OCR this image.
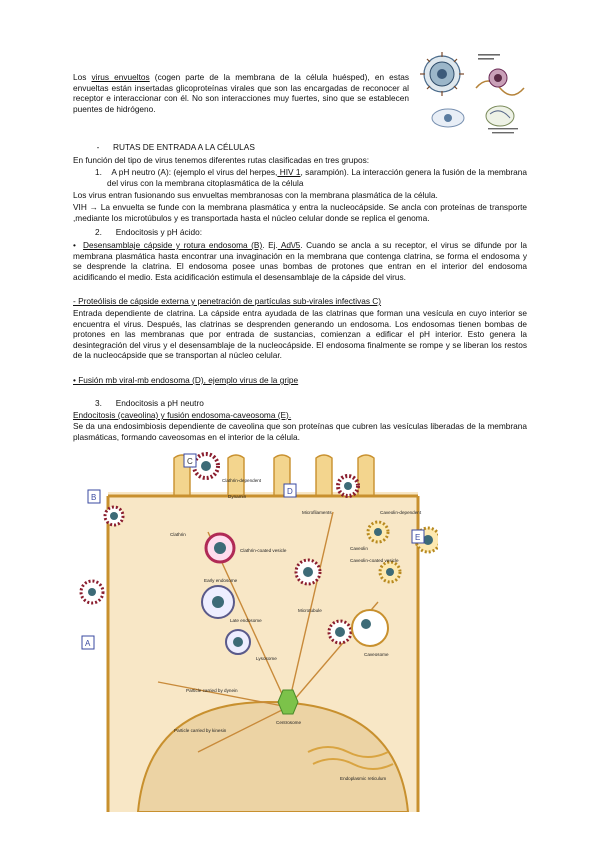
Los virus envueltos (cogen parte de la membrana de la célula huésped), en estas envueltas están insertadas glicoproteínas virales que son las encargadas de reconocer al receptor e interaccionar con él. No son interacciones muy fuertes, sino que se establecen puentes de hidrógeno.
- RUTAS DE ENTRADA A LA CÉLULAS
En función del tipo de virus tenemos diferentes rutas clasificadas en tres grupos:
1. A pH neutro (A): (ejemplo el virus del herpes, HIV 1, sarampión). La interacción genera la fusión de la membrana del virus con la membrana citoplasmática de la célula
Los virus entran fusionando sus envueltas membranosas con la membrana plasmática de la célula.
VIH → La envuelta se funde con la membrana plasmática y entra la nucleocápside. Se ancla con proteínas de transporte ,mediante los microtúbulos y es transportada hasta el núcleo celular donde se replica el genoma.
2. Endocitosis y pH ácido:
• Desensamblaje cápside y rotura endosoma (B). Ej. Ad\/5. Cuando se ancla a su receptor, el virus se difunde por la membrana plasmática hasta encontrar una invaginación en la membrana que contenga clatrina, se forma el endosoma y se desprende la clatrina. El endosoma posee unas bombas de protones que entran en el interior del endosoma acidificando el medio. Esta acidificación estimula el desensamblaje de la cápside del virus.
- Proteólisis de cápside externa y penetración de partículas sub-virales infectivas C)
Entrada dependiente de clatrina. La cápside entra ayudada de las clatrinas que forman una vesícula en cuyo interior se encuentra el virus. Después, las clatrinas se desprenden generando un endosoma. Los endosomas tienen bombas de protones en las membranas que por entrada de sustancias, comienzan a edificar el pH interior. Esto genera la desintegración del virus y el desensamblaje de la nucleocápside. El endosoma finalmente se rompe y se liberan los restos de la nucleocápside que se transportan al núcleo celular.
• Fusión mb viral-mb endosoma (D), ejemplo virus de la gripe
3. Endocitosis a pH neutro
Endocitosis (caveolina) y fusión endosoma-caveosoma (E).
Se da una endosimbiosis dependiente de caveolina que son proteínas que cubren las vesículas liberadas de la membrana plasmáticas, formando caveosomas en el interior de la célula.
B
C
D
A
E
Clathrin-dependent
Dynamin
Microfilaments
Clathrin
Clathrin-coated vesicle
Early endosome
Late endosome
Lysosome
Particle carried by dynein
Particle carried by kinesin
Centrosome
Microtubule
Caveolin-dependent
Caveolin
Caveolin-coated vesicle
Caveosome
Endoplasmic reticulum
